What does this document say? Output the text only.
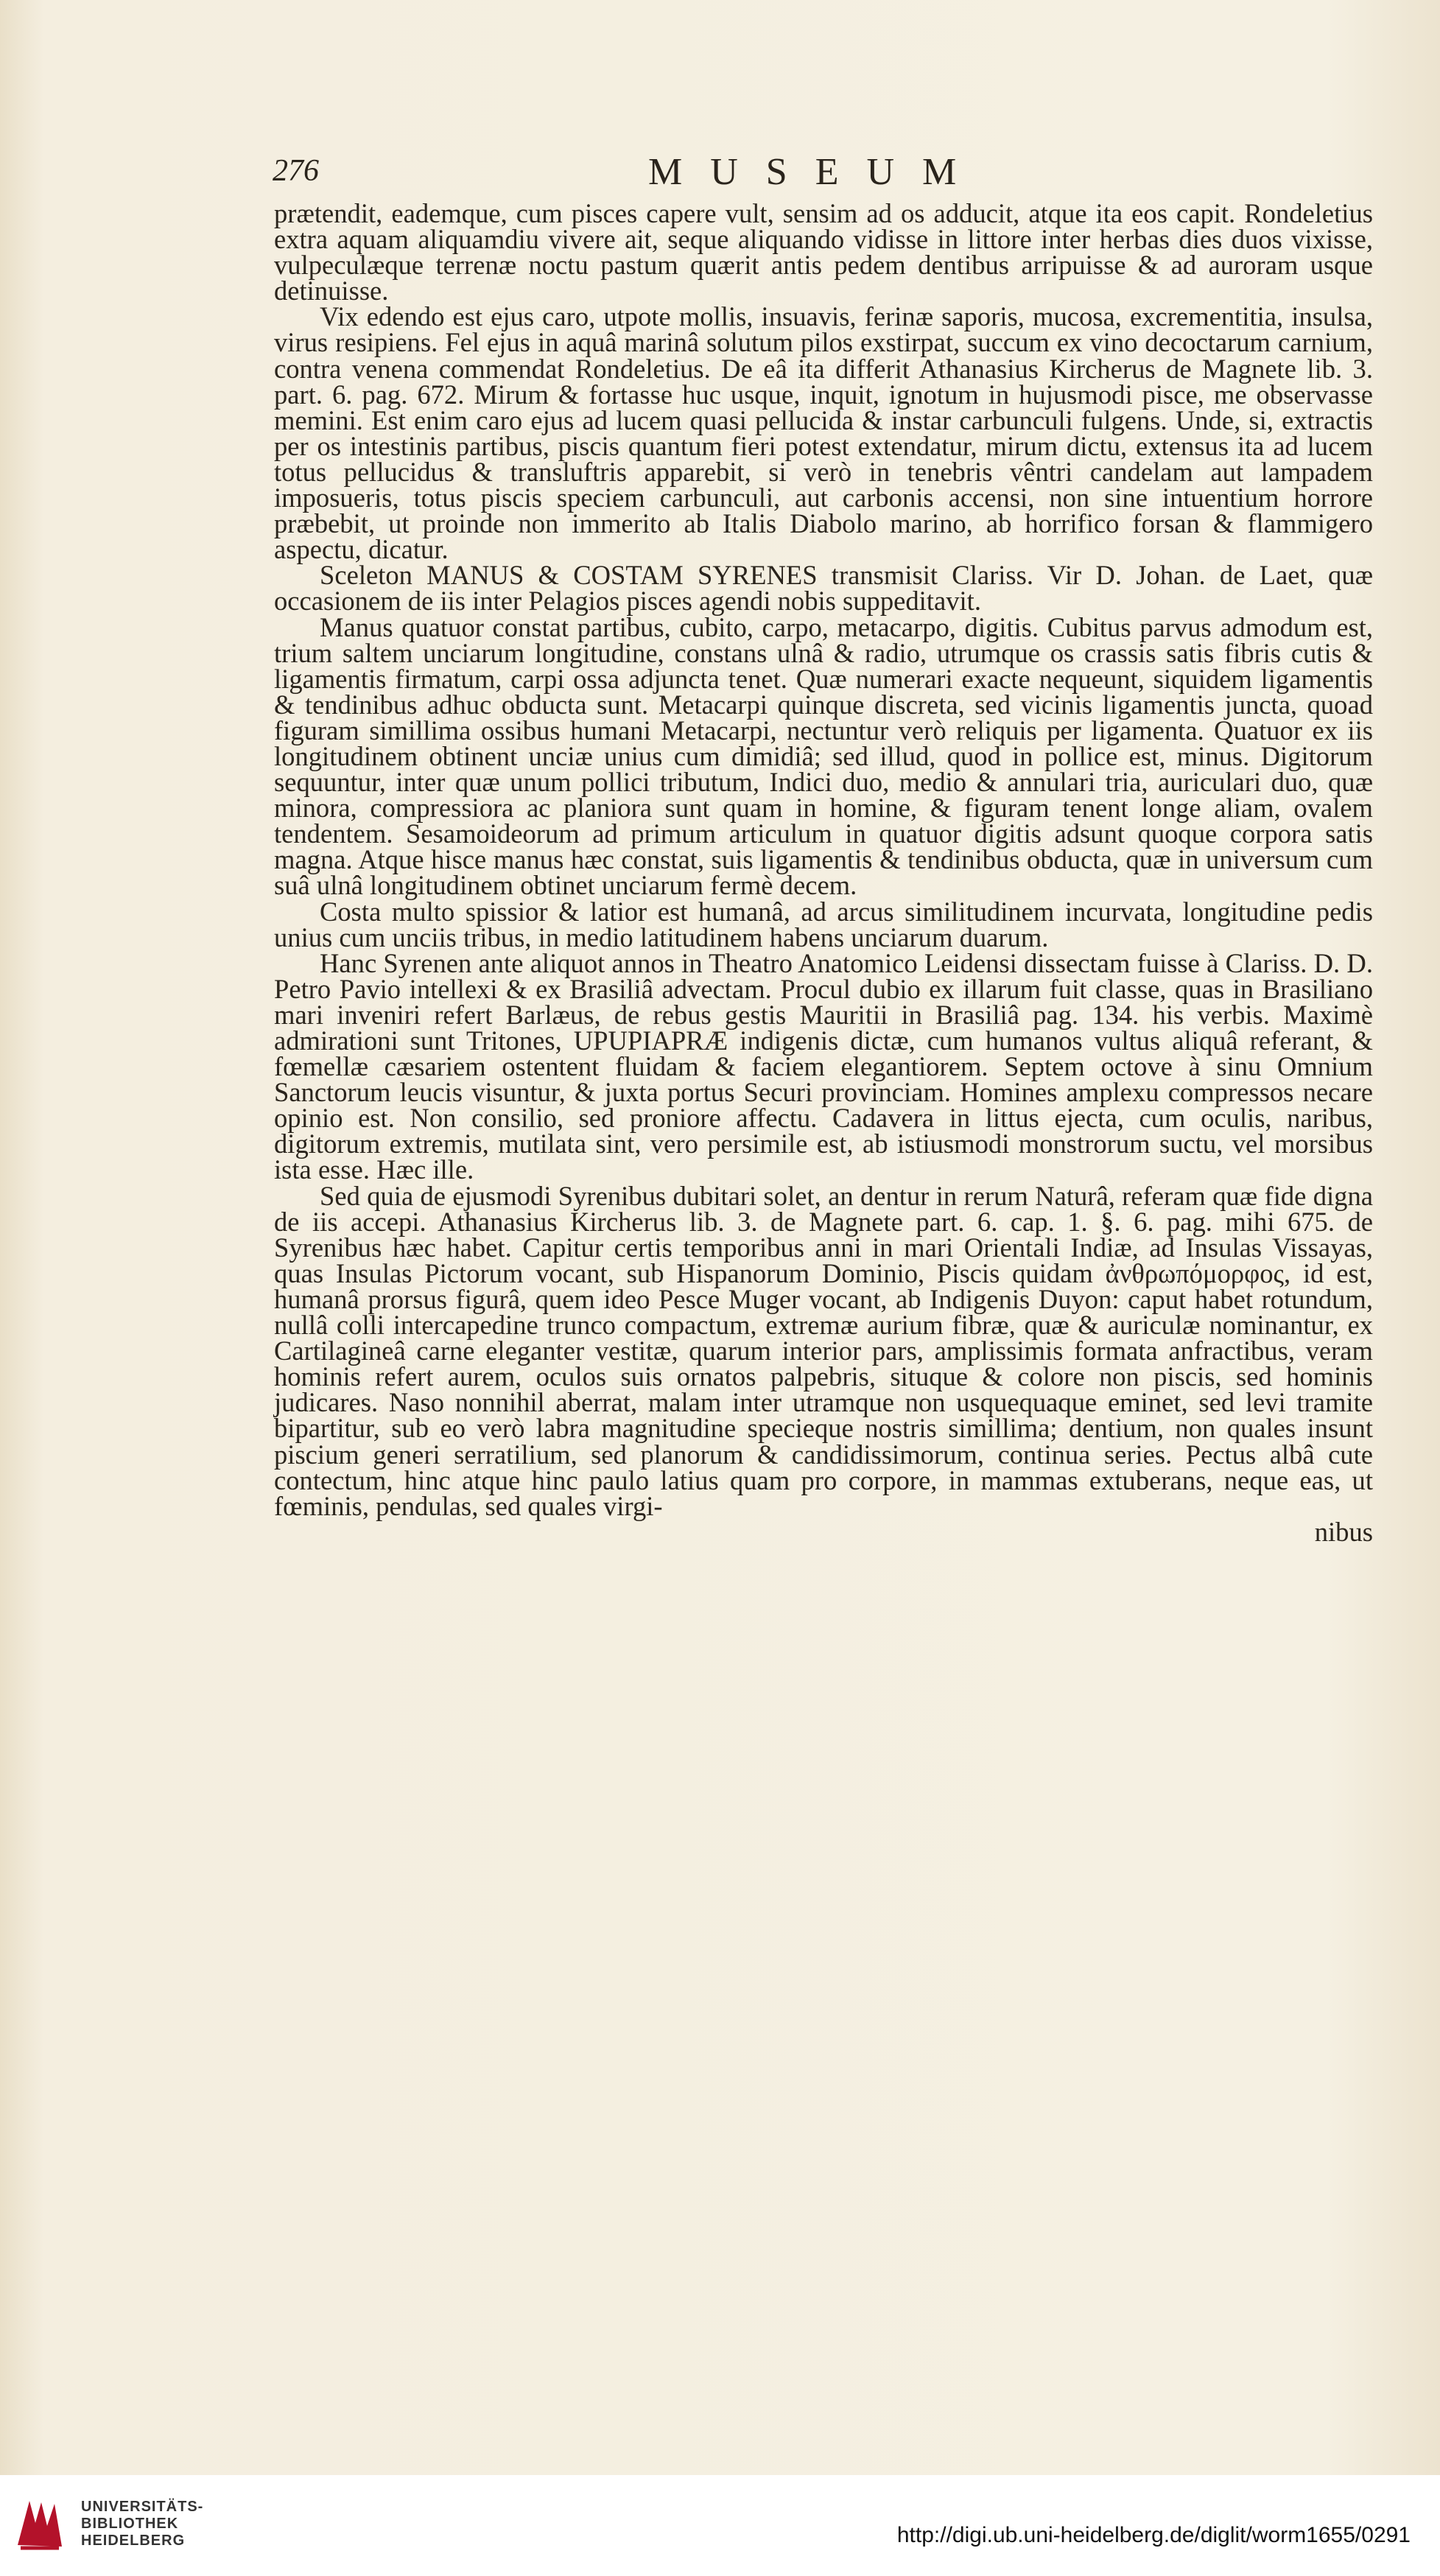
276	MUSEUM

prætendit, eademque, cum pisces capere vult, sensim ad os adducit, atque ita eos capit. Rondeletius extra aquam aliquamdiu vivere ait, seque aliquando vidisse in littore inter herbas dies duos vixisse, vulpeculæque terrenæ noctu pastum quærit antis pedem dentibus arripuisse & ad auroram usque detinuisse.

Vix edendo est ejus caro, utpote mollis, insuavis, ferinæ saporis, mucosa, excrementitia, insulsa, virus resipiens. Fel ejus in aquâ marinâ solutum pilos exstirpat, succum ex vino decoctarum carnium, contra venena commendat Rondeletius. De eâ ita differit Athanasius Kircherus de Magnete lib. 3. part. 6. pag. 672. Mirum & fortasse huc usque, inquit, ignotum in hujusmodi pisce, me observasse memini. Est enim caro ejus ad lucem quasi pellucida & instar carbunculi fulgens. Unde, si, extractis per os intestinis partibus, piscis quantum fieri potest extendatur, mirum dictu, extensus ita ad lucem totus pellucidus & transluftris apparebit, si verò in tenebris vêntri candelam aut lampadem imposueris, totus piscis speciem carbunculi, aut carbonis accensi, non sine intuentium horrore præbebit, ut proinde non immerito ab Italis Diabolo marino, ab horrifico forsan & flammigero aspectu, dicatur.

Sceleton MANUS & COSTAM SYRENES transmisit Clariss. Vir D. Johan. de Laet, quæ occasionem de iis inter Pelagios pisces agendi nobis suppeditavit.

Manus quatuor constat partibus, cubito, carpo, metacarpo, digitis. Cubitus parvus admodum est, trium saltem unciarum longitudine, constans ulnâ & radio, utrumque os crassis satis fibris cutis & ligamentis firmatum, carpi ossa adjuncta tenet. Quæ numerari exacte nequeunt, siquidem ligamentis & tendinibus adhuc obducta sunt. Metacarpi quinque discreta, sed vicinis ligamentis juncta, quoad figuram simillima ossibus humani Metacarpi, nectuntur verò reliquis per ligamenta. Quatuor ex iis longitudinem obtinent unciæ unius cum dimidiâ; sed illud, quod in pollice est, minus. Digitorum sequuntur, inter quæ unum pollici tributum, Indici duo, medio & annulari tria, auriculari duo, quæ minora, compressiora ac planiora sunt quam in homine, & figuram tenent longe aliam, ovalem tendentem. Sesamoideorum ad primum articulum in quatuor digitis adsunt quoque corpora satis magna. Atque hisce manus hæc constat, suis ligamentis & tendinibus obducta, quæ in universum cum suâ ulnâ longitudinem obtinet unciarum fermè decem.

Costa multo spissior & latior est humanâ, ad arcus similitudinem incurvata, longitudine pedis unius cum unciis tribus, in medio latitudinem habens unciarum duarum.

Hanc Syrenen ante aliquot annos in Theatro Anatomico Leidensi dissectam fuisse à Clariss. D. D. Petro Pavio intellexi & ex Brasiliâ advectam. Procul dubio ex illarum fuit classe, quas in Brasiliano mari inveniri refert Barlæus, de rebus gestis Mauritii in Brasiliâ pag. 134. his verbis. Maximè admirationi sunt Tritones, UPUPIAPRÆ indigenis dictæ, cum humanos vultus aliquâ referant, & fœmellæ cæsariem ostentent fluidam & faciem elegantiorem. Septem octove à sinu Omnium Sanctorum leucis visuntur, & juxta portus Securi provinciam. Homines amplexu compressos necare opinio est. Non consilio, sed proniore affectu. Cadavera in littus ejecta, cum oculis, naribus, digitorum extremis, mutilata sint, vero persimile est, ab istiusmodi monstrorum suctu, vel morsibus ista esse. Hæc ille.

Sed quia de ejusmodi Syrenibus dubitari solet, an dentur in rerum Naturâ, referam quæ fide digna de iis accepi. Athanasius Kircherus lib. 3. de Magnete part. 6. cap. 1. §. 6. pag. mihi 675. de Syrenibus hæc habet. Capitur certis temporibus anni in mari Orientali Indiæ, ad Insulas Vissayas, quas Insulas Pictorum vocant, sub Hispanorum Dominio, Piscis quidam ἀνθρωπόμορφος, id est, humanâ prorsus figurâ, quem ideo Pesce Muger vocant, ab Indigenis Duyon: caput habet rotundum, nullâ colli intercapedine trunco compactum, extremæ aurium fibræ, quæ & auriculæ nominantur, ex Cartilagineâ carne eleganter vestitæ, quarum interior pars, amplissimis formata anfractibus, veram hominis refert aurem, oculos suis ornatos palpebris, situque & colore non piscis, sed hominis judicares. Naso nonnihil aberrat, malam inter utramque non usquequaque eminet, sed levi tramite bipartitur, sub eo verò labra magnitudine specieque nostris simillima; dentium, non quales insunt piscium generi serratilium, sed planorum & candidissimorum, continua series. Pectus albâ cute contectum, hinc atque hinc paulo latius quam pro corpore, in mammas extuberans, neque eas, ut fœminis, pendulas, sed quales virgi-

nibus
UNIVERSITÄTS-
BIBLIOTHEK
HEIDELBERG	http://digi.ub.uni-heidelberg.de/diglit/worm1655/0291
